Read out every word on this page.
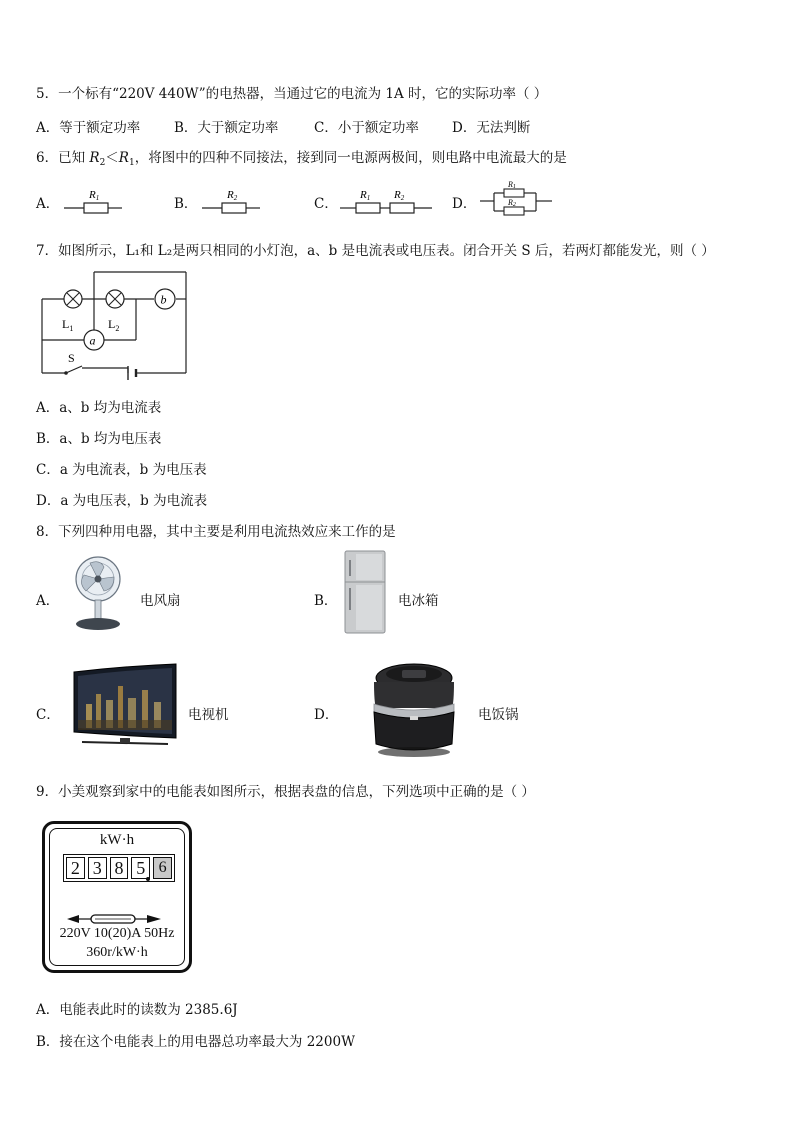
5．一个标有“220V 440W”的电热器，当通过它的电流为 1A 时，它的实际功率（ ）
A．等于额定功率	B．大于额定功率	C．小于额定功率 D．无法判断
6．已知 $R_2<R_1$，将图中的四种不同接法，接到同一电源两极间，则电路中电流最大的是
A．	B．	C．	D．
R1	R2	R1 R2
R1
R2
7．如图所示，L₁和 L₂是两只相同的小灯泡，a、b 是电流表或电压表。闭合开关 S 后，若两灯都能发光，则（ ）
b
a
$L_1$	$L_2$
S
A．a、b 均为电流表
B．a、b 均为电压表
C．a 为电流表，b 为电压表
D．a 为电压表，b 为电流表
8．下列四种用电器，其中主要是利用电流热效应来工作的是
A．	电风扇	B．	电冰箱
C．	电视机	D．	电饭锅
9．小美观察到家中的电能表如图所示，根据表盘的信息，下列选项中正确的是（ ）
kW·h
2 3 8 5 6
220V 10(20)A 50Hz
360r/kW·h
A．电能表此时的读数为 2385.6J
B．接在这个电能表上的用电器总功率最大为 2200W
